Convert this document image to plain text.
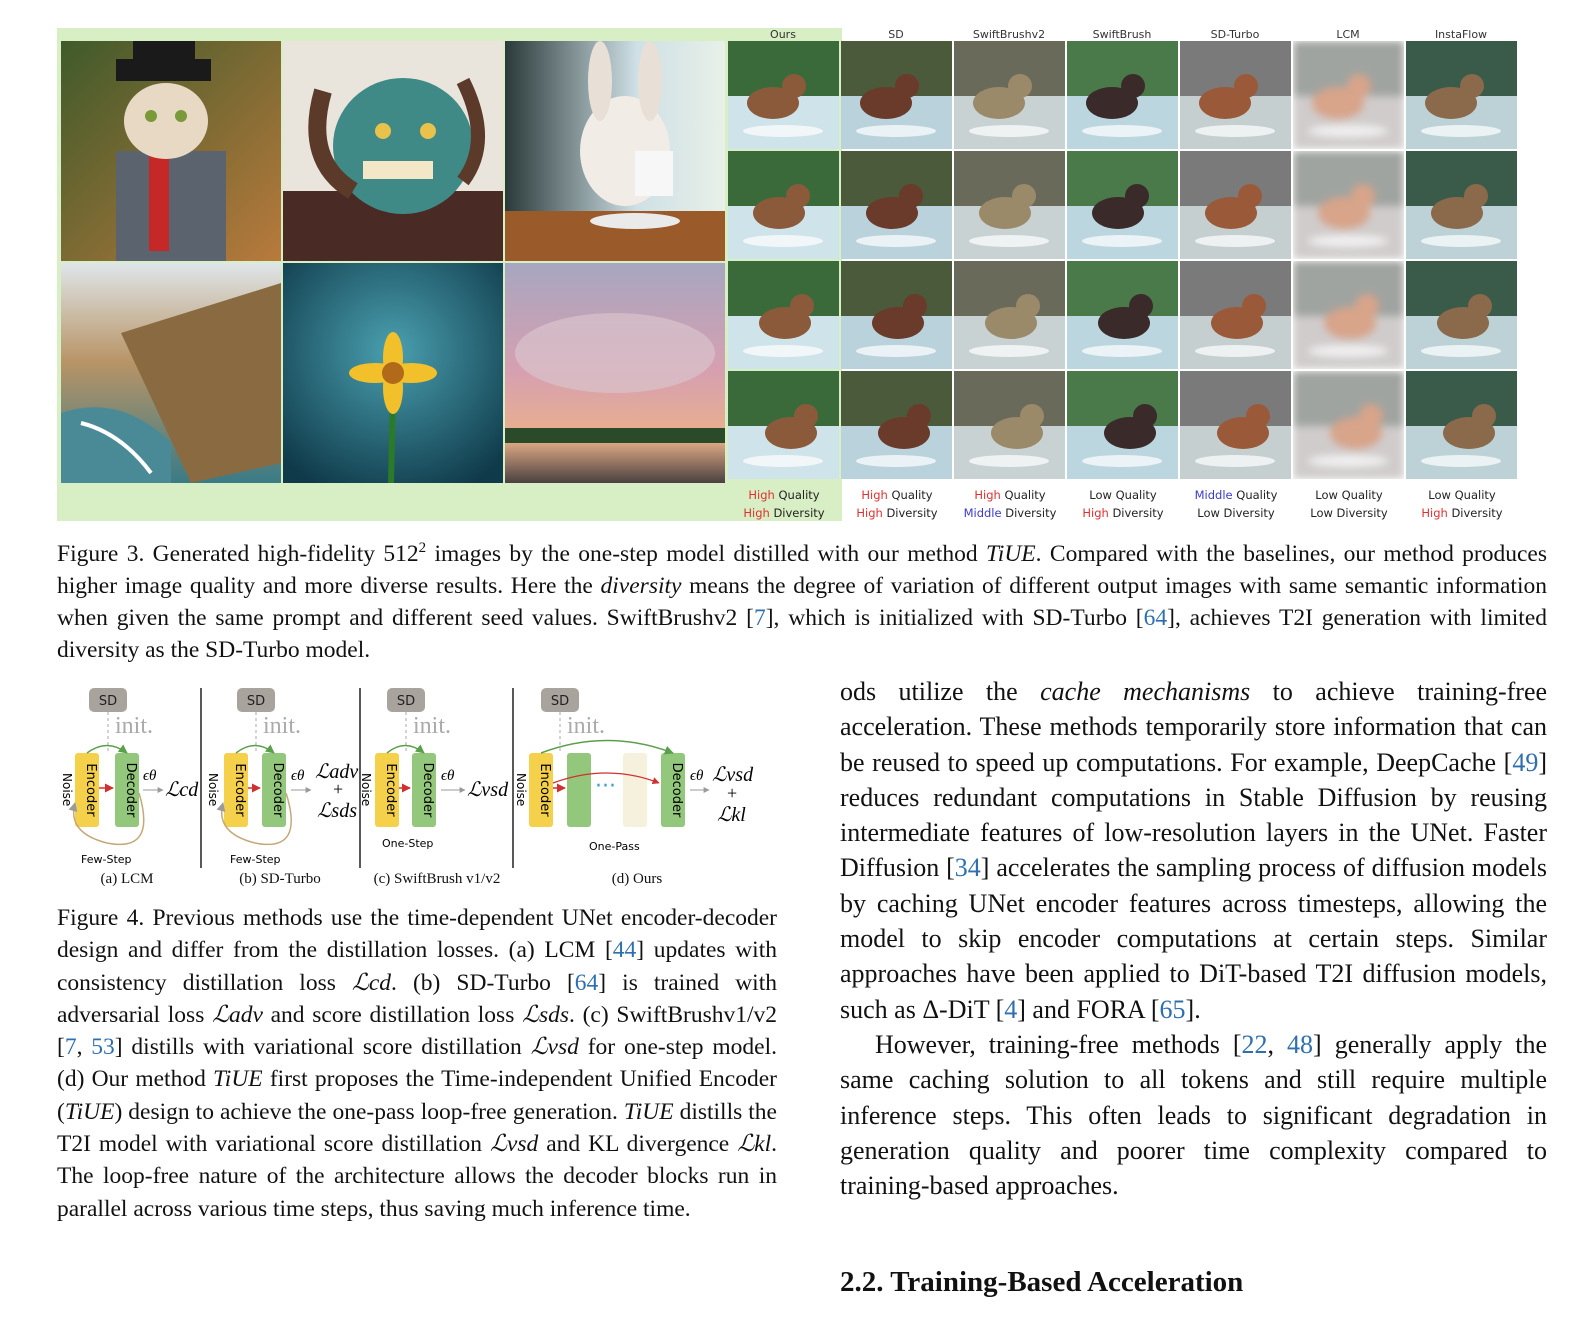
Ours
High Quality
High Diversity
SD
High Quality
High Diversity
SwiftBrushv2
High Quality
Middle Diversity
SwiftBrush
Low Quality
High Diversity
SD-Turbo
Middle Quality
Low Diversity
LCM
Low Quality
Low Diversity
InstaFlow
Low Quality
High Diversity
Figure 3. Generated high-fidelity $512^2$ images by the one-step model distilled with our method TiUE. Compared with the baselines, our method produces higher image quality and more diverse results. Here the diversity means the degree of variation of different output images with same semantic information when given the same prompt and different seed values. SwiftBrushv2 [7], which is initialized with SD-Turbo [64], achieves T2I generation with limited diversity as the SD-Turbo model.
SD
init.
Noise Encoder Decoder ϵθ
ℒcd
Few-Step
SD
init.
Noise Encoder Decoder ϵθ ℒadv
+
ℒsds
Few-Step
SD
init.
Noise Encoder Decoder ϵθ
ℒvsd
One-Step
SD
init.
Noise Encoder	Decoder
···	ϵθ ℒvsd
+
ℒkl
One-Pass
(a) LCM	(b) SD-Turbo	(c) SwiftBrush v1/v2	(d) Ours
Figure 4. Previous methods use the time-dependent UNet encoder-decoder design and differ from the distillation losses. (a) LCM [44] updates with consistency distillation loss ℒcd. (b) SD-Turbo [64] is trained with adversarial loss ℒadv and score distillation loss ℒsds. (c) SwiftBrushv1/v2 [7, 53] distills with variational score distillation ℒvsd for one-step model. (d) Our method TiUE first proposes the Time-independent Unified Encoder (TiUE) design to achieve the one-pass loop-free generation. TiUE distills the T2I model with variational score distillation ℒvsd and KL divergence ℒkl. The loop-free nature of the architecture allows the decoder blocks run in parallel across various time steps, thus saving much inference time.

ods utilize the cache mechanisms to achieve training-free acceleration. These methods temporarily store information that can be reused to speed up computations. For example, DeepCache [49] reduces redundant computations in Stable Diffusion by reusing intermediate features of low-resolution layers in the UNet. Faster Diffusion [34] accelerates the sampling process of diffusion models by caching UNet encoder features across timesteps, allowing the model to skip encoder computations at certain steps. Similar approaches have been applied to DiT-based T2I diffusion models, such as Δ-DiT [4] and FORA [65].

However, training-free methods [22, 48] generally apply the same caching solution to all tokens and still require multiple inference steps. This often leads to significant degradation in generation quality and poorer time complexity compared to training-based approaches.

2.2. Training-Based Acceleration
